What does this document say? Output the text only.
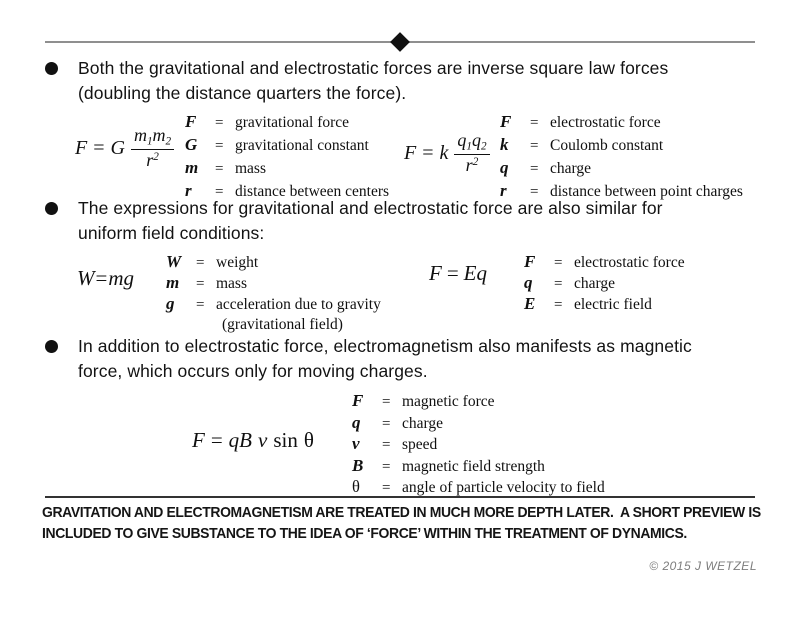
Both the gravitational and electrostatic forces are inverse square law forces
(doubling the distance quarters the force).
F = G $\frac{m_1m_2}{r^2}$
F	= gravitational force
G	= gravitational constant
m	= mass
r	= distance between centers
F = k $\frac{q_1q_2}{r^2}$
F	= electrostatic force
k	= Coulomb constant
q	= charge
r	= distance between point charges
The expressions for gravitational and electrostatic force are also similar for
uniform field conditions:
W = mg
W = weight
m	= mass
g	= acceleration due to gravity
(gravitational field)
F = Eq F	= electrostatic force
q	= charge
E	= electric field
In addition to electrostatic force, electromagnetism also manifests as magnetic
force, which occurs only for moving charges.
F = qB v sin θ
F	= magnetic force
q	= charge
v	= speed
B	= magnetic field strength
θ	= angle of particle velocity to field
GRAVITATION AND ELECTROMAGNETISM ARE TREATED IN MUCH MORE DEPTH LATER.  A SHORT PREVIEW IS
INCLUDED TO GIVE SUBSTANCE TO THE IDEA OF ‘FORCE’ WITHIN THE TREATMENT OF DYNAMICS.
© 2015 J WETZEL
